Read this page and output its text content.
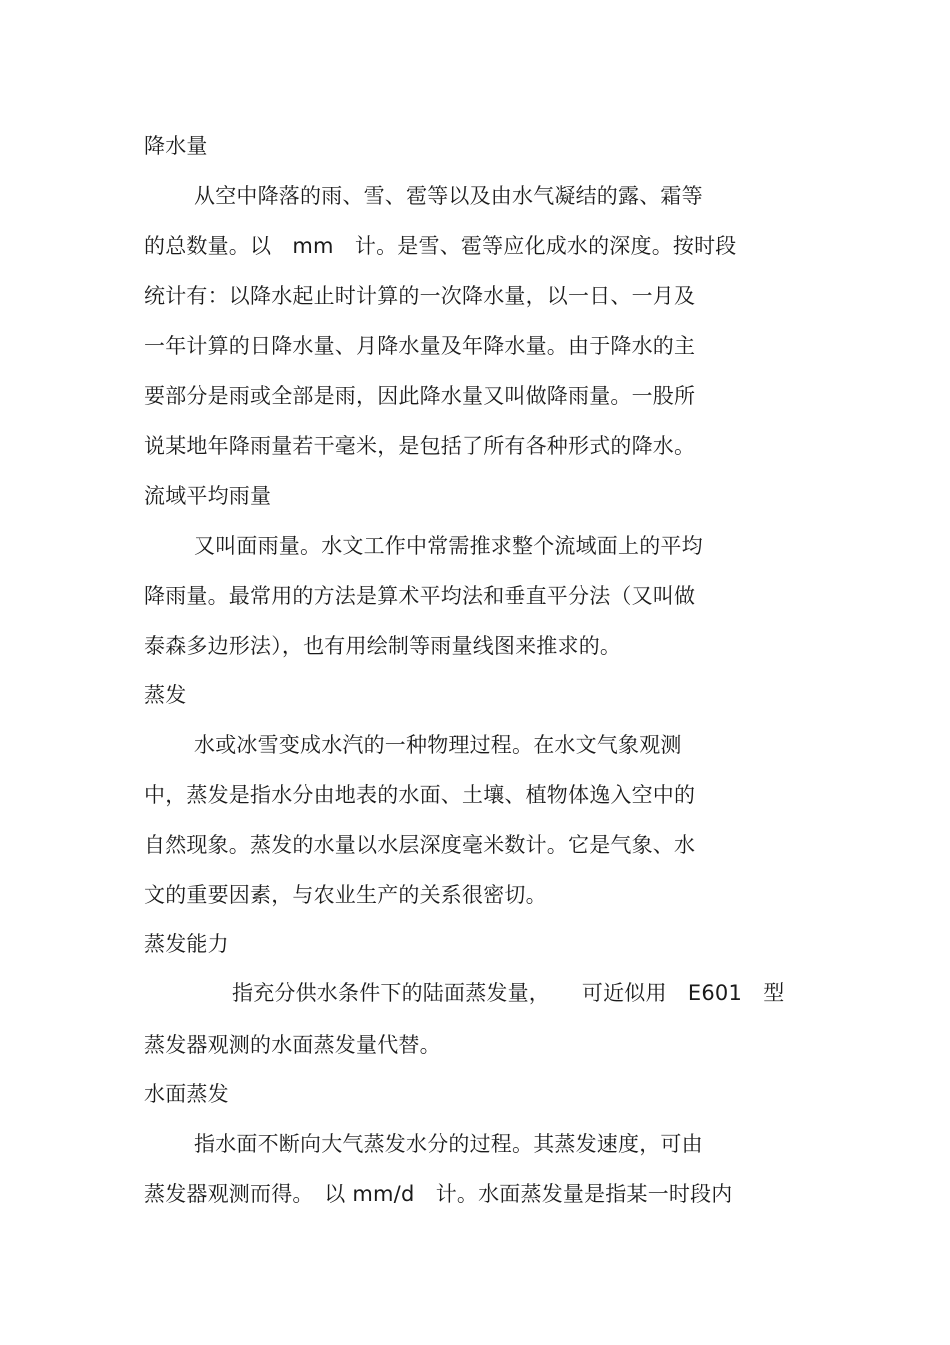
降水量
从空中降落的雨、雪、雹等以及由水气凝结的露、霜等
的总数量。以　mm　计。是雪、雹等应化成水的深度。按时段
统计有：以降水起止时计算的一次降水量，以一日、一月及
一年计算的日降水量、月降水量及年降水量。由于降水的主
要部分是雨或全部是雨，因此降水量又叫做降雨量。一股所
说某地年降雨量若干毫米，是包括了所有各种形式的降水。
流域平均雨量
又叫面雨量。水文工作中常需推求整个流域面上的平均
降雨量。最常用的方法是算术平均法和垂直平分法（又叫做
泰森多边形法），也有用绘制等雨量线图来推求的。
蒸发
水或冰雪变成水汽的一种物理过程。在水文气象观测
中，蒸发是指水分由地表的水面、土壤、植物体逸入空中的
自然现象。蒸发的水量以水层深度毫米数计。它是气象、水
文的重要因素，与农业生产的关系很密切。
蒸发能力
指充分供水条件下的陆面蒸发量，　　可近似用　E601　型
蒸发器观测的水面蒸发量代替。
水面蒸发
指水面不断向大气蒸发水分的过程。其蒸发速度，可由
蒸发器观测而得。　以 mm/d　计。水面蒸发量是指某一时段内
